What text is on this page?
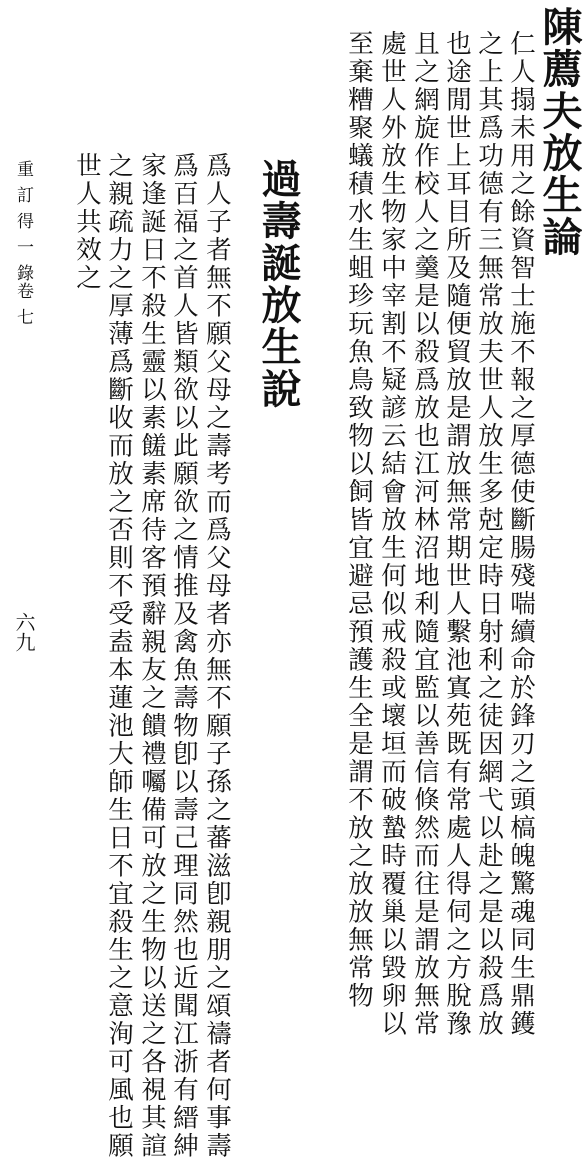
陳薦夫放生論
仁人搨未用之餘資智士施不報之厚德使斷腸殘喘續命於鋒刃之頭槁魄驚魂同生鼎鑊
之上其爲功德有三無常放夫世人放生多尅定時日射利之徒因網弋以赴之是以殺爲放
也途閒世上耳目所及隨便貿放是謂放無常期世人繫池寘苑既有常處人得伺之方脫豫
且之網旋作校人之羹是以殺爲放也江河林沼地利隨宜監以善信倏然而往是謂放無常
處世人外放生物家中宰割不疑諺云結會放生何似戒殺或壞垣而破蟄時覆巢以毀卵以
至棄糟聚蟻積水生蛆珍玩魚鳥致物以飼皆宜避忌預護生全是謂不放之放放無常物
過壽誕放生說
爲人子者無不願父母之壽考而爲父母者亦無不願子孫之蕃滋卽親朋之頌禱者何事壽
爲百福之首人皆類欲以此願欲之情推及禽魚壽物卽以壽己理同然也近聞江浙有縉紳
家逢誕日不殺生靈以素饈素席待客預辭親友之饋禮囑備可放之生物以送之各視其諠
之親疏力之厚薄爲斷收而放之否則不受盍本蓮池大師生日不宜殺生之意洵可風也願
世人共效之
重訂得一錄
卷七
六九
